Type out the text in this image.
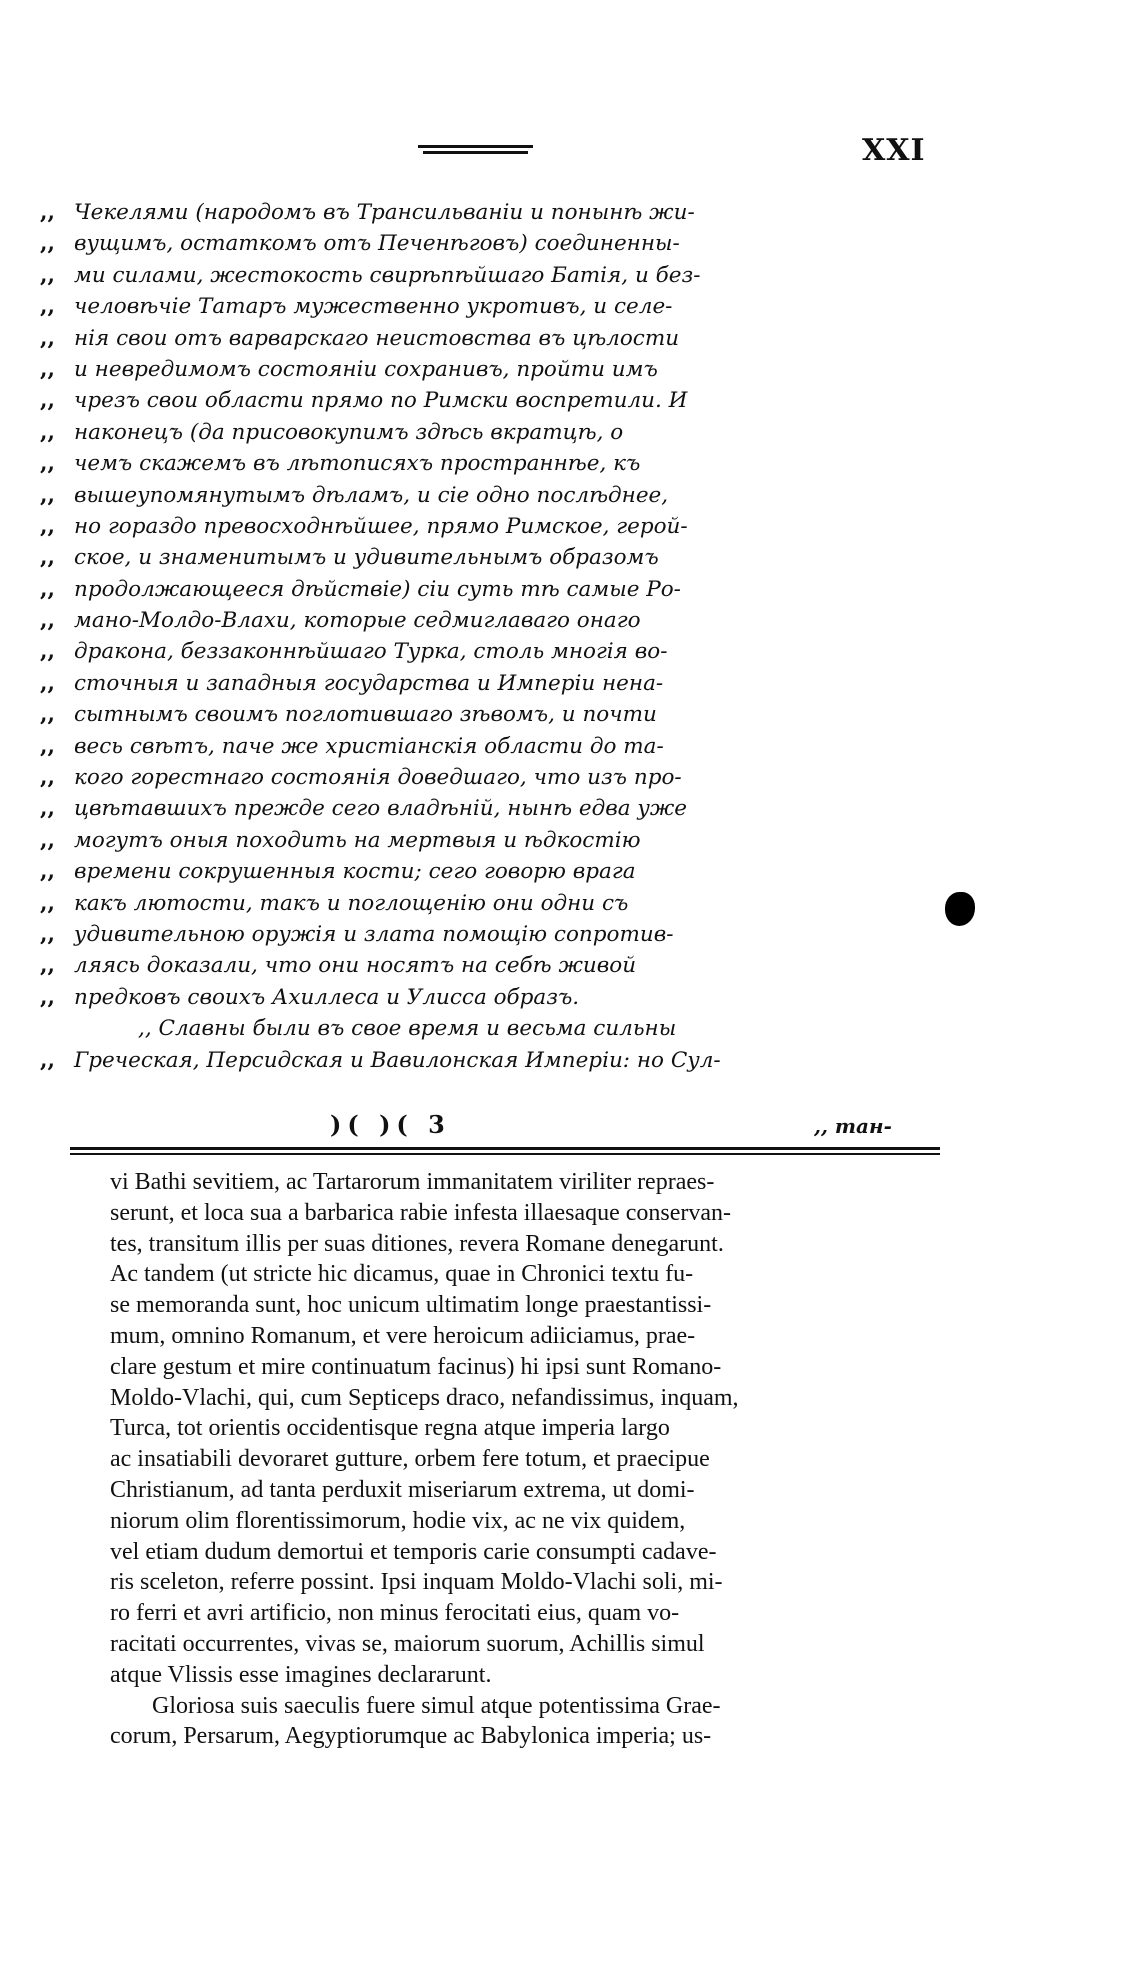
XXI
,, Чекелями (народомъ въ Трансильваніи и понынѣ жи-
,, вущимъ, остаткомъ отъ Печенѣговъ) соединенны-
,, ми силами, жестокость свирѣпѣйшаго Батія, и без-
,, человѣчіе Татаръ мужественно укротивъ, и селе-
,, нія свои отъ варварскаго неистовства въ цѣлости
,, и невредимомъ состояніи сохранивъ, пройти имъ
,, чрезъ свои области прямо по Римски воспретили. И
,, наконецъ (да присовокупимъ здѣсь вкратцѣ, о
,, чемъ скажемъ въ лѣтописяхъ пространнѣе, къ
,, вышеупомянутымъ дѣламъ, и сіе одно послѣднее,
,, но гораздо превосходнѣйшее, прямо Римское, герой-
,, ское, и знаменитымъ и удивительнымъ образомъ
,, продолжающееся дѣйствіе) сіи суть тѣ самые Ро-
,, мано-Молдо-Влахи, которые седмиглаваго онаго
,, дракона, беззаконнѣйшаго Турка, столь многія во-
,, сточныя и западныя государства и Имперіи нена-
,, сытнымъ своимъ поглотившаго зѣвомъ, и почти
,, весь свѣтъ, паче же христіанскія области до та-
,, кого горестнаго состоянія доведшаго, что изъ про-
,, цвѣтавшихъ прежде сего владѣній, нынѣ едва уже
,, могутъ оныя походить на мертвыя и ѣдкостію
,, времени сокрушенныя кости; сего говорю врага
,, какъ лютости, такъ и поглощенію они одни съ
,, удивительною оружія и злата помощію сопротив-
,, ляясь доказали, что они носятъ на себѣ живой
,, предковъ своихъ Ахиллеса и Улисса образъ.
,, Славны были въ свое время и весьма сильны
,, Греческая, Персидская и Вавилонская Имперіи: но Сул-
)( )( 3	,, тан-
vi Bathi sevitiem, ac Tartarorum immanitatem viriliter repraes-
serunt, et loca sua a barbarica rabie infesta illaesaque conservan-
tes, transitum illis per suas ditiones, revera Romane denegarunt.
Ac tandem (ut stricte hic dicamus, quae in Chronici textu fu-
se memoranda sunt, hoc unicum ultimatim longe praestantissi-
mum, omnino Romanum, et vere heroicum adiiciamus, prae-
clare gestum et mire continuatum facinus) hi ipsi sunt Romano-
Moldo-Vlachi, qui, cum Septiceps draco, nefandissimus, inquam,
Turca, tot orientis occidentisque regna atque imperia largo
ac insatiabili devoraret gutture, orbem fere totum, et praecipue
Christianum, ad tanta perduxit miseriarum extrema, ut domi-
niorum olim florentissimorum, hodie vix, ac ne vix quidem,
vel etiam dudum demortui et temporis carie consumpti cadave-
ris sceleton, referre possint. Ipsi inquam Moldo-Vlachi soli, mi-
ro ferri et avri artificio, non minus ferocitati eius, quam vo-
racitati occurrentes, vivas se, maiorum suorum, Achillis simul
atque Vlissis esse imagines declararunt.
Gloriosa suis saeculis fuere simul atque potentissima Grae-
corum, Persarum, Aegyptiorumque ac Babylonica imperia; us-
